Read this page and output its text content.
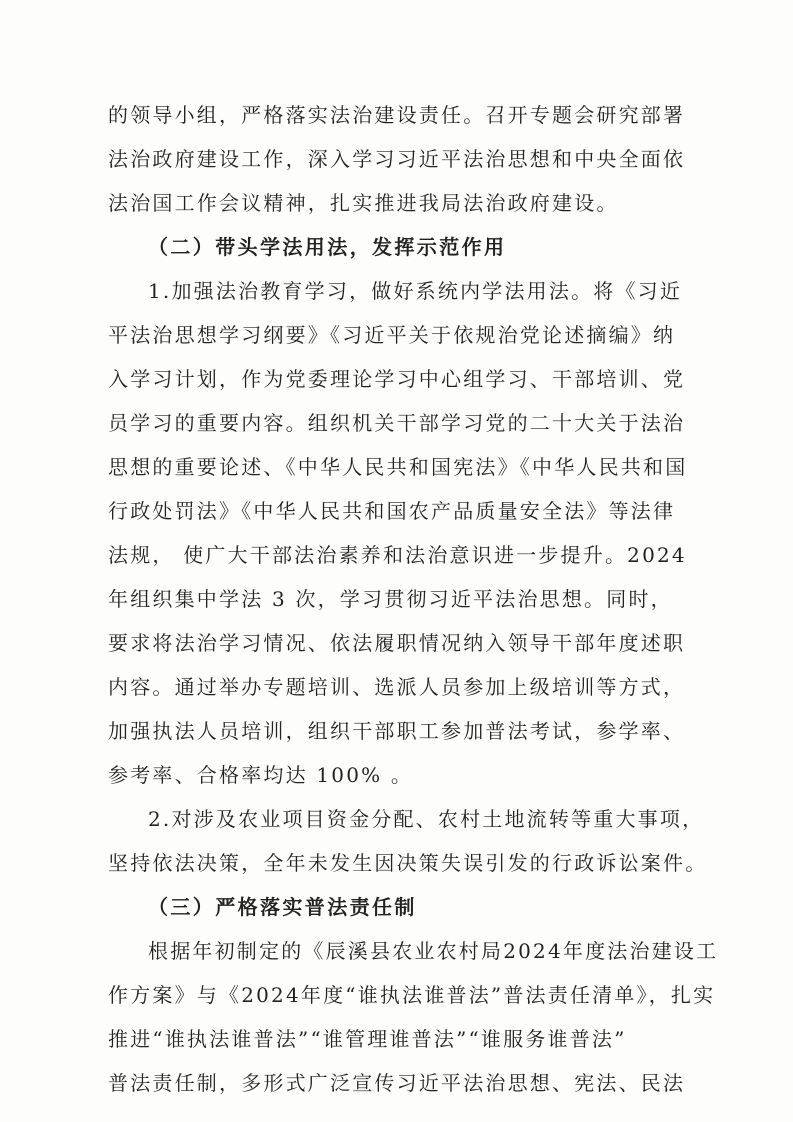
的领导小组，严格落实法治建设责任。召开专题会研究部署
法治政府建设工作，深入学习习近平法治思想和中央全面依
法治国工作会议精神，扎实推进我局法治政府建设。
（二）带头学法用法，发挥示范作用
1.加强法治教育学习，做好系统内学法用法。将《习近
平法治思想学习纲要》《习近平关于依规治党论述摘编》纳
入学习计划，作为党委理论学习中心组学习、干部培训、党
员学习的重要内容。组织机关干部学习党的二十大关于法治
思想的重要论述、《中华人民共和国宪法》《中华人民共和国
行政处罚法》《中华人民共和国农产品质量安全法》等法律
法规， 使广大干部法治素养和法治意识进一步提升。2024
年组织集中学法 3 次，学习贯彻习近平法治思想。同时，
要求将法治学习情况、依法履职情况纳入领导干部年度述职
内容。通过举办专题培训、选派人员参加上级培训等方式，
加强执法人员培训，组织干部职工参加普法考试，参学率、
参考率、合格率均达 100% 。
2.对涉及农业项目资金分配、农村土地流转等重大事项，
坚持依法决策，全年未发生因决策失误引发的行政诉讼案件。
（三）严格落实普法责任制
根据年初制定的《辰溪县农业农村局2024年度法治建设工
作方案》与《2024年度“谁执法谁普法”普法责任清单》，扎实
推进“谁执法谁普法”“谁管理谁普法”“谁服务谁普法”
普法责任制，多形式广泛宣传习近平法治思想、宪法、民法
